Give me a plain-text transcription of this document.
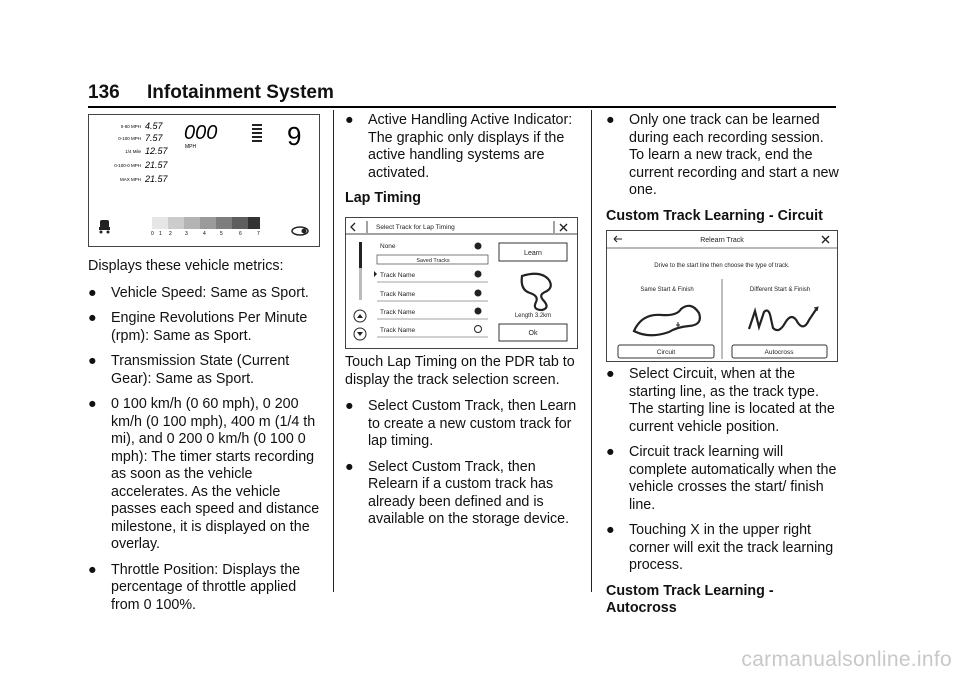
136 Infotainment System
0-60 MPH 4.57
0-100 MPH 7.57
1/4 Mile 12.57
0-100-0 MPH 21.57
MAX MPH 21.57
000
MPH	9
0 1 2	3	4	5	6	7

Displays these vehicle metrics:

● Vehicle Speed: Same as Sport.
● Engine Revolutions Per Minute (rpm): Same as Sport.
● Transmission State (Current Gear): Same as Sport.
● 0 100 km/h (0 60 mph), 0 200 km/h (0 100 mph), 400 m (1/4 th mi), and 0 200 0 km/h (0 100 0 mph): The timer starts recording as soon as the vehicle accelerates. As the vehicle passes each speed and distance milestone, it is displayed on the overlay.
● Throttle Position: Displays the percentage of throttle applied from 0 100%.
● Active Handling Active Indicator: The graphic only displays if the active handling systems are activated.
Lap Timing
Select Track for Lap Timing
None
Saved Tracks
Track Name
Track Name
Track Name
Track Name
Learn
Length 3.2km
Ok

Touch Lap Timing on the PDR tab to display the track selection screen.

● Select Custom Track, then Learn to create a new custom track for lap timing.
● Select Custom Track, then Relearn if a custom track has already been defined and is available on the storage device.
● Only one track can be learned during each recording session. To learn a new track, end the current recording and start a new one.
Custom Track Learning - Circuit
Relearn Track
Drive to the start line then choose the type of track.
Same Start & Finish	Different Start & Finish
Circuit	Autocross
● Select Circuit, when at the starting line, as the track type. The starting line is located at the current vehicle position.
● Circuit track learning will complete automatically when the vehicle crosses the start/ finish line.
● Touching X in the upper right corner will exit the track learning process.
Custom Track Learning - Autocross
carmanualsonline.info
